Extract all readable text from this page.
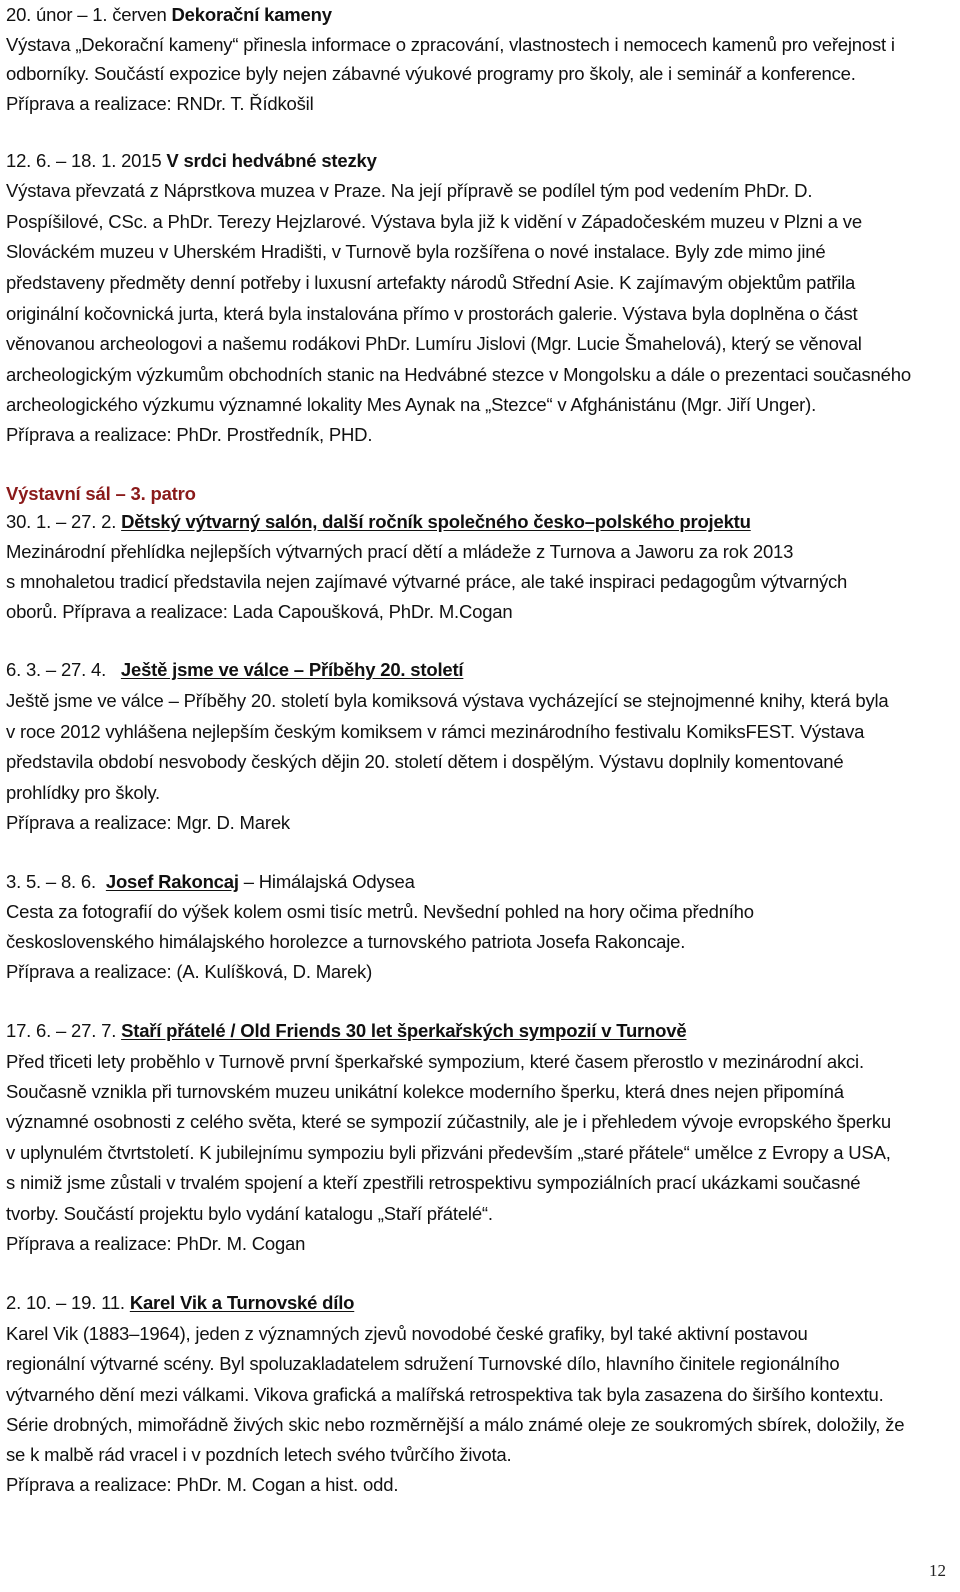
20. únor – 1. červen Dekorační kameny
Výstava „Dekorační kameny“ přinesla informace o zpracování, vlastnostech i nemocech kamenů pro veřejnost i
odborníky. Součástí expozice byly nejen zábavné výukové programy pro školy, ale i seminář a konference.
Příprava a realizace: RNDr. T. Řídkošil
12. 6. – 18. 1. 2015 V srdci hedvábné stezky
Výstava převzatá z Náprstkova muzea v Praze. Na její přípravě se podílel tým pod vedením PhDr. D.
Pospíšilové, CSc. a PhDr. Terezy Hejzlarové. Výstava byla již k vidění v Západočeském muzeu v Plzni a ve
Slováckém muzeu v Uherském Hradišti, v Turnově byla rozšířena o nové instalace. Byly zde mimo jiné
představeny předměty denní potřeby i luxusní artefakty národů Střední Asie. K zajímavým objektům patřila
originální kočovnická jurta, která byla instalována přímo v prostorách galerie. Výstava byla doplněna o část
věnovanou archeologovi a našemu rodákovi PhDr. Lumíru Jislovi (Mgr. Lucie Šmahelová), který se věnoval
archeologickým výzkumům obchodních stanic na Hedvábné stezce v Mongolsku a dále o prezentaci současného
archeologického výzkumu významné lokality Mes Aynak na „Stezce“ v Afghánistánu (Mgr. Jiří Unger).
Příprava a realizace: PhDr. Prostředník, PHD.
Výstavní sál – 3. patro
30. 1. – 27. 2. Dětský výtvarný salón, další ročník společného česko–polského projektu
Mezinárodní přehlídka nejlepších výtvarných prací dětí a mládeže z Turnova a Jaworu za rok 2013
s mnohaletou tradicí představila nejen zajímavé výtvarné práce, ale také inspiraci pedagogům výtvarných
oborů. Příprava a realizace: Lada Capoušková, PhDr. M.Cogan
6. 3. – 27. 4. Ještě jsme ve válce – Příběhy 20. století
Ještě jsme ve válce – Příběhy 20. století byla komiksová výstava vycházející se stejnojmenné knihy, která byla
v roce 2012 vyhlášena nejlepším českým komiksem v rámci mezinárodního festivalu KomiksFEST. Výstava
představila období nesvobody českých dějin 20. století dětem i dospělým. Výstavu doplnily komentované
prohlídky pro školy.
Příprava a realizace: Mgr. D. Marek
3. 5. – 8. 6. Josef Rakoncaj – Himálajská Odysea
Cesta za fotografií do výšek kolem osmi tisíc metrů. Nevšední pohled na hory očima předního
československého himálajského horolezce a turnovského patriota Josefa Rakoncaje.
Příprava a realizace: (A. Kulíšková, D. Marek)
17. 6. – 27. 7. Staří přátelé / Old Friends 30 let šperkařských sympozií v Turnově
Před třiceti lety proběhlo v Turnově první šperkařské sympozium, které časem přerostlo v mezinárodní akci.
Současně vznikla při turnovském muzeu unikátní kolekce moderního šperku, která dnes nejen připomíná
významné osobnosti z celého světa, které se sympozií zúčastnily, ale je i přehledem vývoje evropského šperku
v uplynulém čtvrtstoletí. K jubilejnímu sympoziu byli přizváni především „staré přátele“ umělce z Evropy a USA,
s nimiž jsme zůstali v trvalém spojení a kteří zpestřili retrospektivu sympoziálních prací ukázkami současné
tvorby. Součástí projektu bylo vydání katalogu „Staří přátelé“.
Příprava a realizace: PhDr. M. Cogan
2. 10. – 19. 11. Karel Vik a Turnovské dílo
Karel Vik (1883–1964), jeden z významných zjevů novodobé české grafiky, byl také aktivní postavou
regionální výtvarné scény. Byl spoluzakladatelem sdružení Turnovské dílo, hlavního činitele regionálního
výtvarného dění mezi válkami. Vikova grafická a malířská retrospektiva tak byla zasazena do širšího kontextu.
Série drobných, mimořádně živých skic nebo rozměrnější a málo známé oleje ze soukromých sbírek, doložily, že
se k malbě rád vracel i v pozdních letech svého tvůrčího života.
Příprava a realizace: PhDr. M. Cogan a hist. odd.
12
